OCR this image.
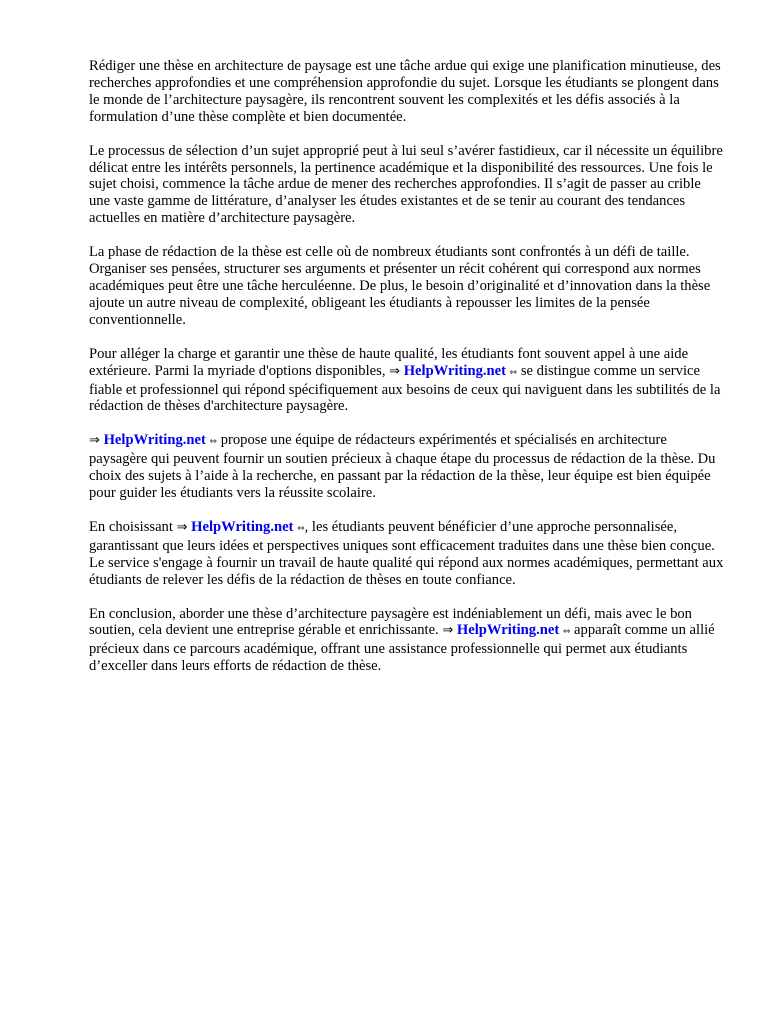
Rédiger une thèse en architecture de paysage est une tâche ardue qui exige une planification minutieuse, des recherches approfondies et une compréhension approfondie du sujet. Lorsque les étudiants se plongent dans le monde de l’architecture paysagère, ils rencontrent souvent les complexités et les défis associés à la formulation d’une thèse complète et bien documentée.

Le processus de sélection d’un sujet approprié peut à lui seul s’avérer fastidieux, car il nécessite un équilibre délicat entre les intérêts personnels, la pertinence académique et la disponibilité des ressources. Une fois le sujet choisi, commence la tâche ardue de mener des recherches approfondies. Il s’agit de passer au crible une vaste gamme de littérature, d’analyser les études existantes et de se tenir au courant des tendances actuelles en matière d’architecture paysagère.

La phase de rédaction de la thèse est celle où de nombreux étudiants sont confrontés à un défi de taille. Organiser ses pensées, structurer ses arguments et présenter un récit cohérent qui correspond aux normes académiques peut être une tâche herculéenne. De plus, le besoin d’originalité et d’innovation dans la thèse ajoute un autre niveau de complexité, obligeant les étudiants à repousser les limites de la pensée conventionnelle.

Pour alléger la charge et garantir une thèse de haute qualité, les étudiants font souvent appel à une aide extérieure. Parmi la myriade d'options disponibles, ⇒ HelpWriting.net ⇔ se distingue comme un service fiable et professionnel qui répond spécifiquement aux besoins de ceux qui naviguent dans les subtilités de la rédaction de thèses d'architecture paysagère.

⇒ HelpWriting.net ⇔ propose une équipe de rédacteurs expérimentés et spécialisés en architecture paysagère qui peuvent fournir un soutien précieux à chaque étape du processus de rédaction de la thèse. Du choix des sujets à l’aide à la recherche, en passant par la rédaction de la thèse, leur équipe est bien équipée pour guider les étudiants vers la réussite scolaire.

En choisissant ⇒ HelpWriting.net ⇔, les étudiants peuvent bénéficier d’une approche personnalisée, garantissant que leurs idées et perspectives uniques sont efficacement traduites dans une thèse bien conçue. Le service s'engage à fournir un travail de haute qualité qui répond aux normes académiques, permettant aux étudiants de relever les défis de la rédaction de thèses en toute confiance.

En conclusion, aborder une thèse d’architecture paysagère est indéniablement un défi, mais avec le bon soutien, cela devient une entreprise gérable et enrichissante. ⇒ HelpWriting.net ⇔ apparaît comme un allié précieux dans ce parcours académique, offrant une assistance professionnelle qui permet aux étudiants d’exceller dans leurs efforts de rédaction de thèse.
